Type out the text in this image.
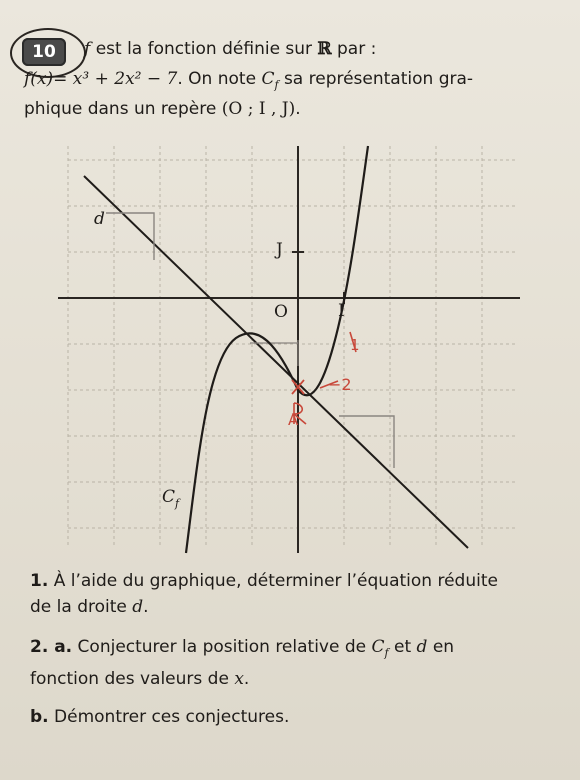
10	f est la fonction définie sur ℝ par :
f(x)= x³ + 2x² − 7. On note $C_f$ sa représentation gra-
phique dans un repère (O ; I , J).
O	I
J
d
$C_f$
1
−2
A
1. À l’aide du graphique, déterminer l’équation réduite
de la droite d.
2. a. Conjecturer la position relative de $C_f$ et d en
fonction des valeurs de x.
b. Démontrer ces conjectures.
